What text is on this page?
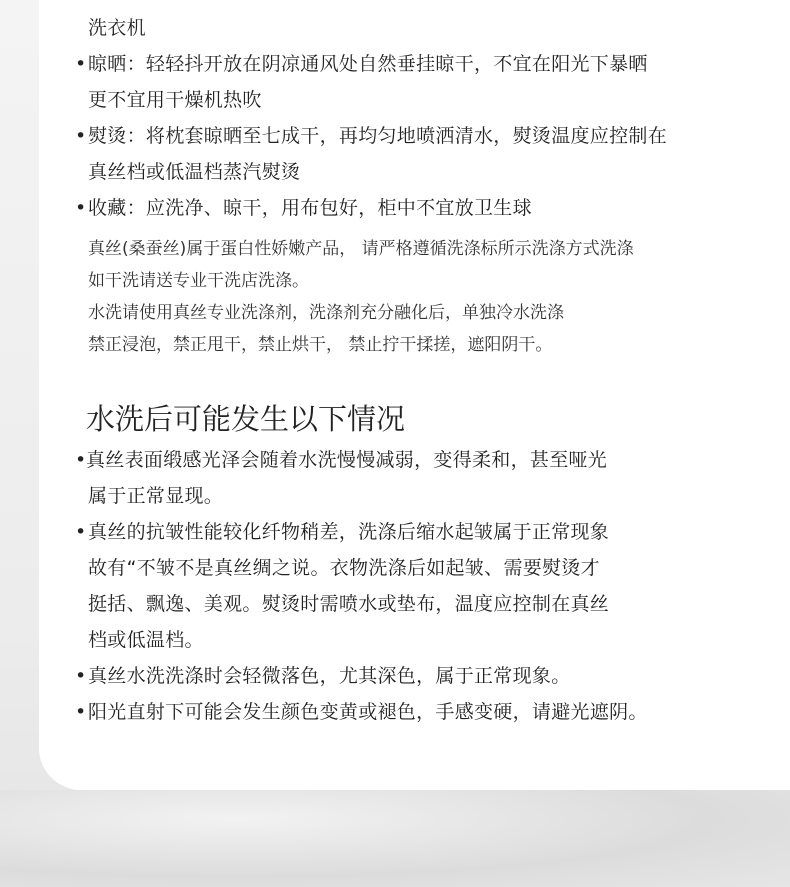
洗衣机
• 晾晒：轻轻抖开放在阴凉通风处自然垂挂晾干，不宜在阳光下暴晒
更不宜用干燥机热吹
• 熨烫：将枕套晾晒至七成干，再均匀地喷洒清水，熨烫温度应控制在
真丝档或低温档蒸汽熨烫
• 收藏：应洗净、晾干，用布包好，柜中不宜放卫生球
真丝(桑蚕丝)属于蛋白性娇嫩产品， 请严格遵循洗涤标所示洗涤方式洗涤
如干洗请送专业干洗店洗涤。
水洗请使用真丝专业洗涤剂，洗涤剂充分融化后，单独冷水洗涤
禁正浸泡，禁正甩干，禁止烘干， 禁止拧干揉搓，遮阳阴干。
水洗后可能发生以下情况
• 真丝表面缎感光泽会随着水洗慢慢减弱，变得柔和，甚至哑光
属于正常显现。
• 真丝的抗皱性能较化纤物稍差，洗涤后缩水起皱属于正常现象
故有“不皱不是真丝绸之说。衣物洗涤后如起皱、需要熨烫才
挺括、飘逸、美观。熨烫时需喷水或垫布，温度应控制在真丝
档或低温档。
• 真丝水洗洗涤时会轻微落色，尤其深色，属于正常现象。
• 阳光直射下可能会发生颜色变黄或褪色，手感变硬，请避光遮阴。
